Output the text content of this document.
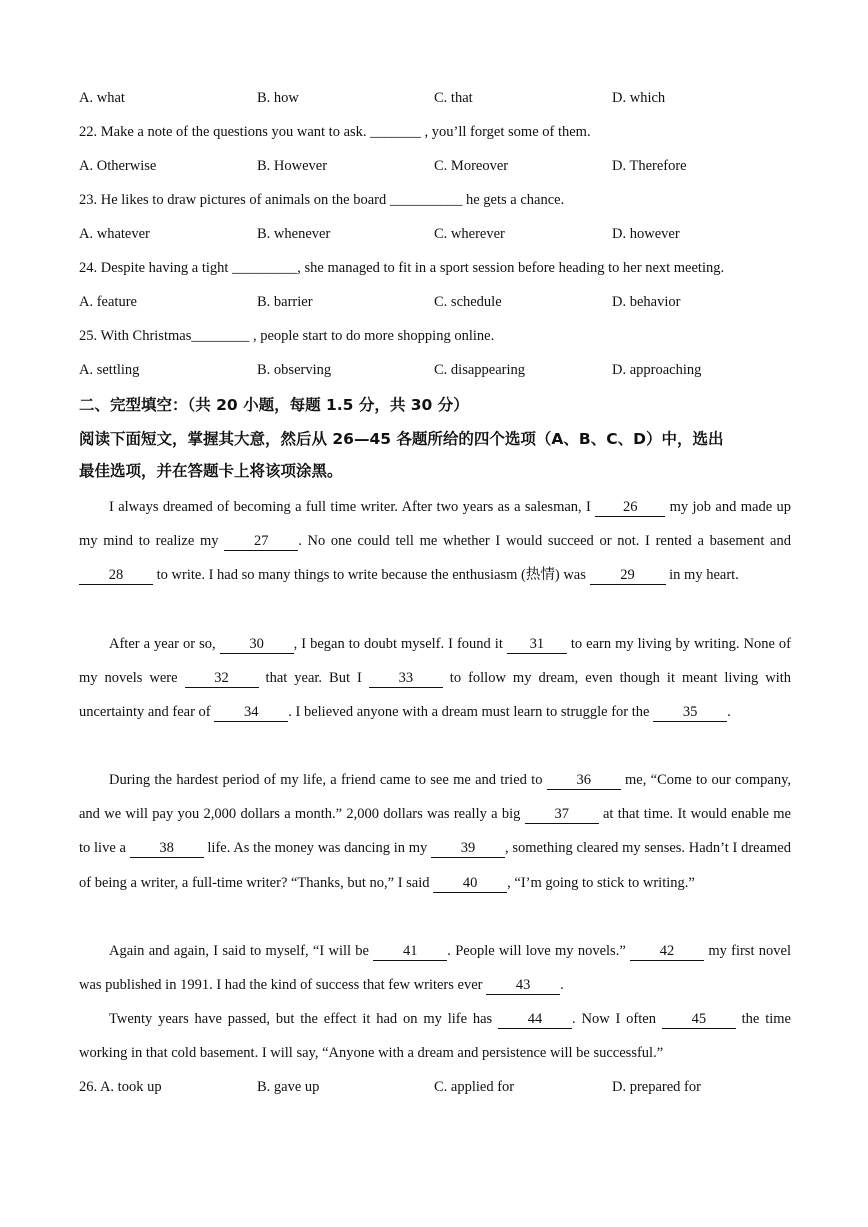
A. what	B. how	C. that	D. which
22. Make a note of the questions you want to ask. _______ , you’ll forget some of them.
A. Otherwise	B. However	C. Moreover	D. Therefore
23. He likes to draw pictures of animals on the board __________ he gets a chance.
A. whatever	B. whenever	C. wherever	D. however
24. Despite having a tight _________, she managed to fit in a sport session before heading to her next meeting.
A. feature	B. barrier	C. schedule	D. behavior
25. With Christmas________ , people start to do more shopping online.
A. settling	B. observing	C. disappearing	D. approaching
二、完型填空：（共 20 小题，每题 1.5 分，共 30 分）
阅读下面短文，掌握其大意，然后从 26—45 各题所给的四个选项（A、B、C、D）中，选出
最佳选项，并在答题卡上将该项涂黑。
I always dreamed of becoming a full time writer. After two years as a salesman, I 26 my job and made up my mind to realize my 27 . No one could tell me whether I would succeed or not. I rented a basement and 28 to write. I had so many things to write because the enthusiasm (热情) was 29 in my heart.
After a year or so, 30 , I began to doubt myself. I found it 31 to earn my living by writing. None of my novels were 32 that year. But I 33 to follow my dream, even though it meant living with uncertainty and fear of 34 . I believed anyone with a dream must learn to struggle for the 35 .
During the hardest period of my life, a friend came to see me and tried to 36 me, “Come to our company, and we will pay you 2,000 dollars a month.” 2,000 dollars was really a big 37 at that time. It would enable me to live a 38 life. As the money was dancing in my 39 , something cleared my senses. Hadn’t I dreamed of being a writer, a full-time writer? “Thanks, but no,” I said 40 , “I’m going to stick to writing.”
Again and again, I said to myself, “I will be 41 . People will love my novels.” 42 my first novel was published in 1991. I had the kind of success that few writers ever 43 .
Twenty years have passed, but the effect it had on my life has 44 . Now I often 45 the time working in that cold basement. I will say, “Anyone with a dream and persistence will be successful.”
26. A. took up	B. gave up	C. applied for	D. prepared for
